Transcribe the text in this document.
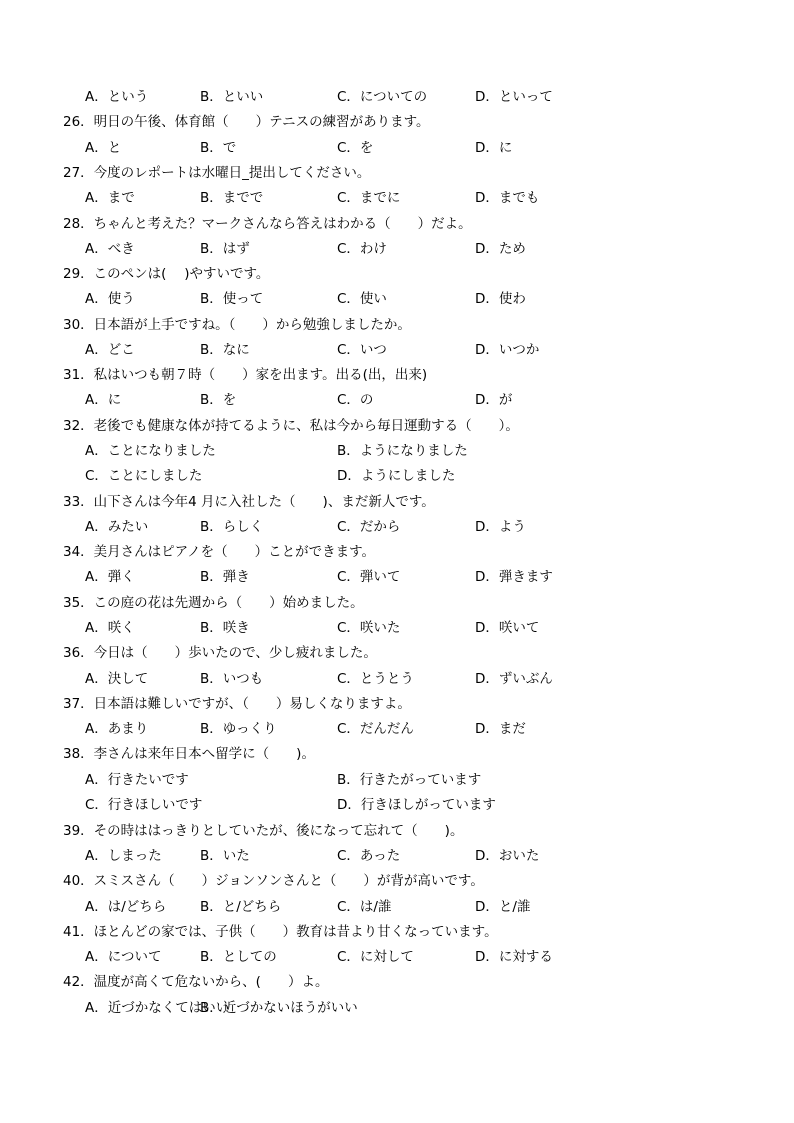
A．という	B．といい	C．についての	D．といって
26．明日の午後、体育館（　　）テニスの練習があります。
A．と	B．で	C．を	D．に
27．今度のレポートは水曜日_提出してください。
A．まで	B．までで	C．までに	D．までも
28．ちゃんと考えた？マークさんなら答えはわかる（　　）だよ。
A．べき	B．はず	C．わけ	D．ため
29．このペンは(　 )やすいです。
A．使う	B．使って	C．使い	D．使わ
30．日本語が上手ですね。（　　）から勉強しましたか。
A．どこ	B．なに	C．いつ	D．いつか
31．私はいつも朝７時（　　）家を出ます。出る(出，出来)
A．に	B．を	C．の	D．が
32．老後でも健康な体が持てるように、私は今から毎日運動する（　　）。
A．ことになりました	B．ようになりました
C．ことにしました	D．ようにしました
33．山下さんは今年4 月に入社した（　　)、まだ新人です。
A．みたい	B．らしく	C．だから	D．よう
34．美月さんはピアノを（　　）ことができます。
A．弾く	B．弾き	C．弾いて	D．弾きます
35．この庭の花は先週から（　　）始めました。
A．咲く	B．咲き	C．咲いた	D．咲いて
36．今日は（　　）歩いたので、少し疲れました。
A．決して	B．いつも	C．とうとう	D．ずいぶん
37．日本語は難しいですが、（　　）易しくなりますよ。
A．あまり	B．ゆっくり	C．だんだん	D．まだ
38．李さんは来年日本へ留学に（　　)。
A．行きたいです	B．行きたがっています
C．行きほしいです	D．行きほしがっています
39．その時ははっきりとしていたが、後になって忘れて（　　)。
A．しまった	B．いた	C．あった	D．おいた
40．スミスさん（　　）ジョンソンさんと（　　）が背が高いです。
A．は/どちら B．と/どちら	C．は/誰	D．と/誰
41．ほとんどの家では、子供（　　）教育は昔より甘くなっています。
A．について	B．としての	C．に対して	D．に対する
42．温度が高くて危ないから、(　　）よ。
A．近づかなくてはいい
B．近づかないほうがいい
